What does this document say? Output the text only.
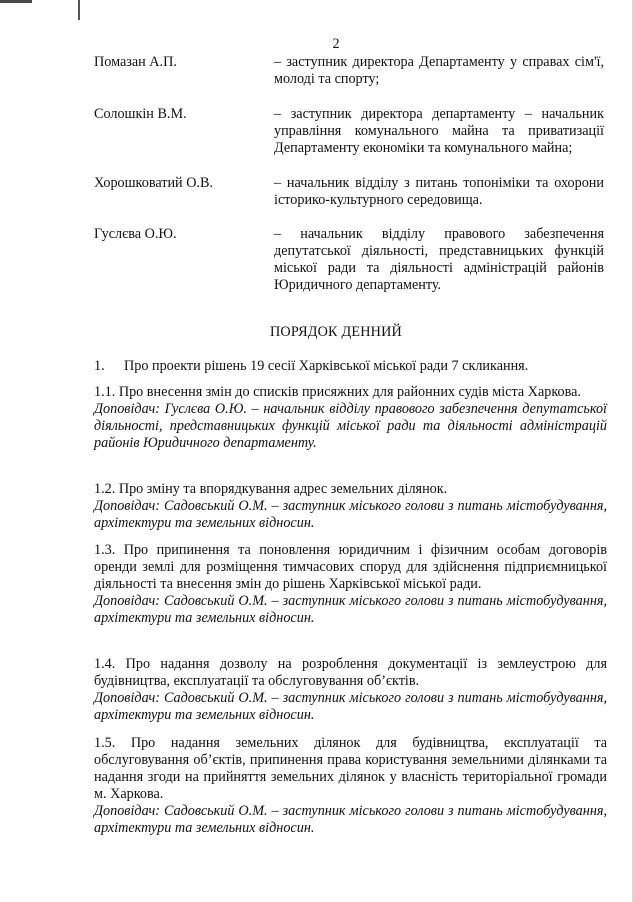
2
Помазан А.П.	– заступник директора Департаменту у справах сім'ї, молоді та спорту;
Солошкін В.М.	– заступник директора департаменту – начальник управління комунального майна та приватизації Департаменту економіки та комунального майна;
Хорошковатий О.В.	– начальник відділу з питань топоніміки та охорони історико-культурного середовища.
Гуслєва О.Ю.	– начальник відділу правового забезпечення депутатської діяльності, представницьких функцій міської ради та діяльності адміністрацій районів Юридичного департаменту.
ПОРЯДОК ДЕННИЙ
1. Про проекти рішень 19 сесії Харківської міської ради 7 скликання.

1.1. Про внесення змін до списків присяжних для районних судів міста Харкова.

Доповідач: Гуслєва О.Ю. – начальник відділу правового забезпечення депутатської діяльності, представницьких функцій міської ради та діяльності адміністрацій районів Юридичного департаменту.

1.2. Про зміну та впорядкування адрес земельних ділянок.

Доповідач: Садовський О.М. – заступник міського голови з питань містобудування, архітектури та земельних відносин.

1.3. Про припинення та поновлення юридичним і фізичним особам договорів оренди землі для розміщення тимчасових споруд для здійснення підприємницької діяльності та внесення змін до рішень Харківської міської ради.

Доповідач: Садовський О.М. – заступник міського голови з питань містобудування, архітектури та земельних відносин.

1.4. Про надання дозволу на розроблення документації із землеустрою для будівництва, експлуатації та обслуговування об’єктів.

Доповідач: Садовський О.М. – заступник міського голови з питань містобудування, архітектури та земельних відносин.

1.5. Про надання земельних ділянок для будівництва, експлуатації та обслуговування об’єктів, припинення права користування земельними ділянками та надання згоди на прийняття земельних ділянок у власність територіальної громади м. Харкова.

Доповідач: Садовський О.М. – заступник міського голови з питань містобудування, архітектури та земельних відносин.
